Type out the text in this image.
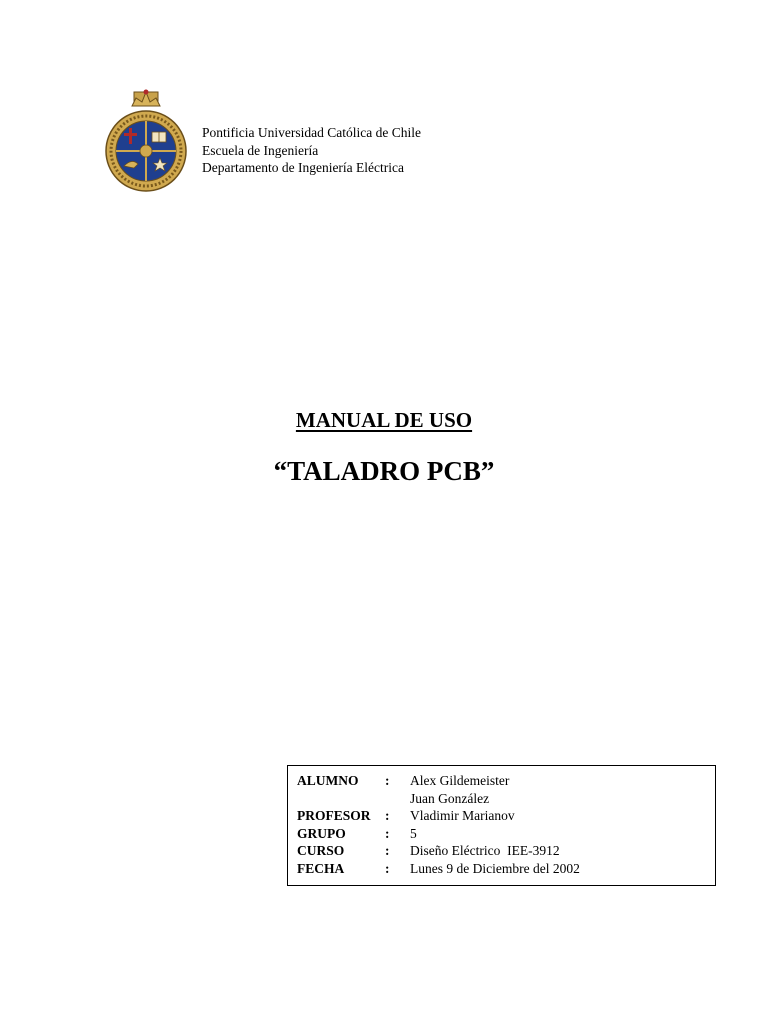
Pontificia Universidad Católica de Chile
Escuela de Ingeniería
Departamento de Ingeniería Eléctrica
MANUAL DE USO
“TALADRO PCB”
ALUMNO	:	Alex Gildemeister
		Juan González
PROFESOR	:	Vladimir Marianov
GRUPO	:	5
CURSO	:	Diseño Eléctrico  IEE-3912
FECHA	:	Lunes 9 de Diciembre del 2002
